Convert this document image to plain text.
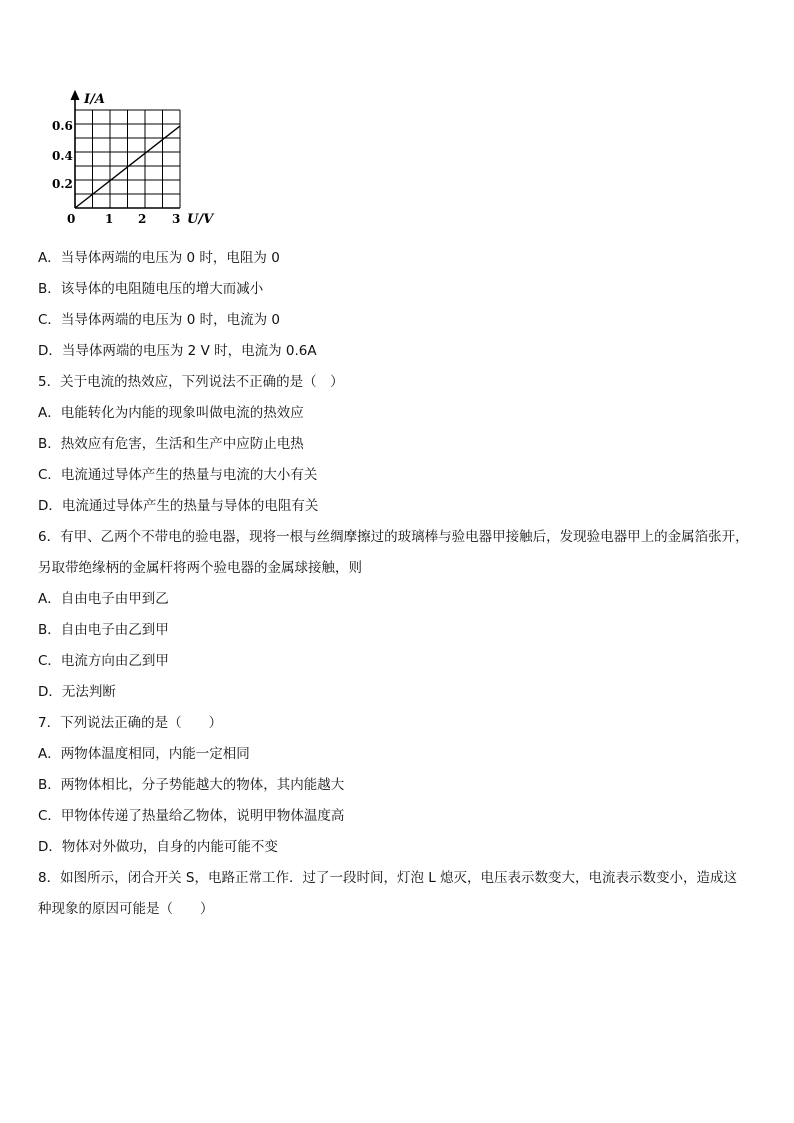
I/A
0.6
0.4
0.2
0 1 2 3 U/V
A．当导体两端的电压为 0 时，电阻为 0
B．该导体的电阻随电压的增大而减小
C．当导体两端的电压为 0 时，电流为 0
D．当导体两端的电压为 2 V 时，电流为 0.6A
5．关于电流的热效应，下列说法不正确的是（　）
A．电能转化为内能的现象叫做电流的热效应
B．热效应有危害，生活和生产中应防止电热
C．电流通过导体产生的热量与电流的大小有关
D．电流通过导体产生的热量与导体的电阻有关
6．有甲、乙两个不带电的验电器，现将一根与丝绸摩擦过的玻璃棒与验电器甲接触后，发现验电器甲上的金属箔张开，
另取带绝缘柄的金属杆将两个验电器的金属球接触，则
A．自由电子由甲到乙
B．自由电子由乙到甲
C．电流方向由乙到甲
D．无法判断
7．下列说法正确的是（　　）
A．两物体温度相同，内能一定相同
B．两物体相比，分子势能越大的物体，其内能越大
C．甲物体传递了热量给乙物体，说明甲物体温度高
D．物体对外做功，自身的内能可能不变
8．如图所示，闭合开关 S，电路正常工作．过了一段时间，灯泡 L 熄灭，电压表示数变大，电流表示数变小，造成这
种现象的原因可能是（　　）
